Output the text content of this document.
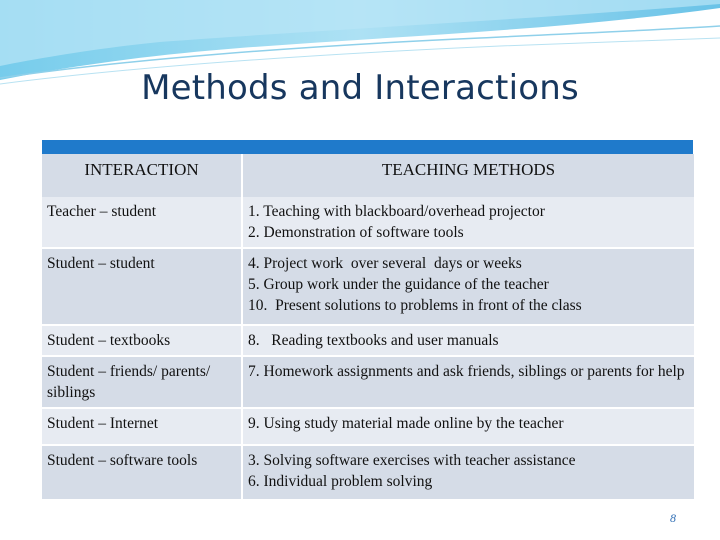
Methods and Interactions
INTERACTION	TEACHING METHODS
Teacher – student	1. Teaching with blackboard/overhead projector
2. Demonstration of software tools

Student – student	4. Project work  over several  days or weeks
5. Group work under the guidance of the teacher
10.  Present solutions to problems in front of the class

Student – textbooks	8.   Reading textbooks and user manuals

Student – friends/ parents/ siblings	7. Homework assignments and ask friends, siblings or parents for help

Student – Internet	9. Using study material made online by the teacher

Student – software tools	3. Solving software exercises with teacher assistance
6. Individual problem solving
8
